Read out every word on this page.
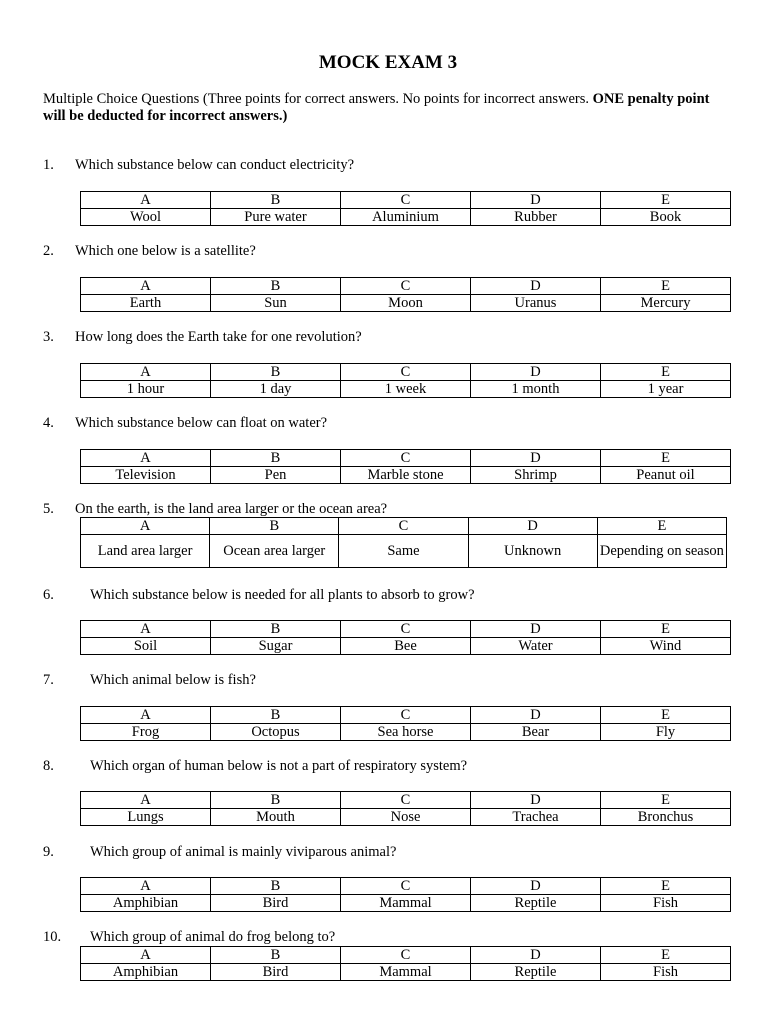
MOCK EXAM 3
Multiple Choice Questions (Three points for correct answers. No points for incorrect answers. ONE penalty point will be deducted for incorrect answers.)
1. Which substance below can conduct electricity?
A	B	C	D	E
Wool	Pure water	Aluminium	Rubber	Book
2. Which one below is a satellite?
A	B	C	D	E
Earth	Sun	Moon	Uranus	Mercury
3. How long does the Earth take for one revolution?
A	B	C	D	E
1 hour	1 day	1 week	1 month	1 year
4. Which substance below can float on water?
A	B	C	D	E
Television	Pen	Marble stone	Shrimp	Peanut oil
5. On the earth, is the land area larger or the ocean area?
A	B	C	D	E
Land area larger	Ocean area larger	Same	Unknown	Depending on season
6. Which substance below is needed for all plants to absorb to grow?
A	B	C	D	E
Soil	Sugar	Bee	Water	Wind
7. Which animal below is fish?
A	B	C	D	E
Frog	Octopus	Sea horse	Bear	Fly
8. Which organ of human below is not a part of respiratory system?
A	B	C	D	E
Lungs	Mouth	Nose	Trachea	Bronchus
9. Which group of animal is mainly viviparous animal?
A	B	C	D	E
Amphibian	Bird	Mammal	Reptile	Fish
10. Which group of animal do frog belong to?
A	B	C	D	E
Amphibian	Bird	Mammal	Reptile	Fish
